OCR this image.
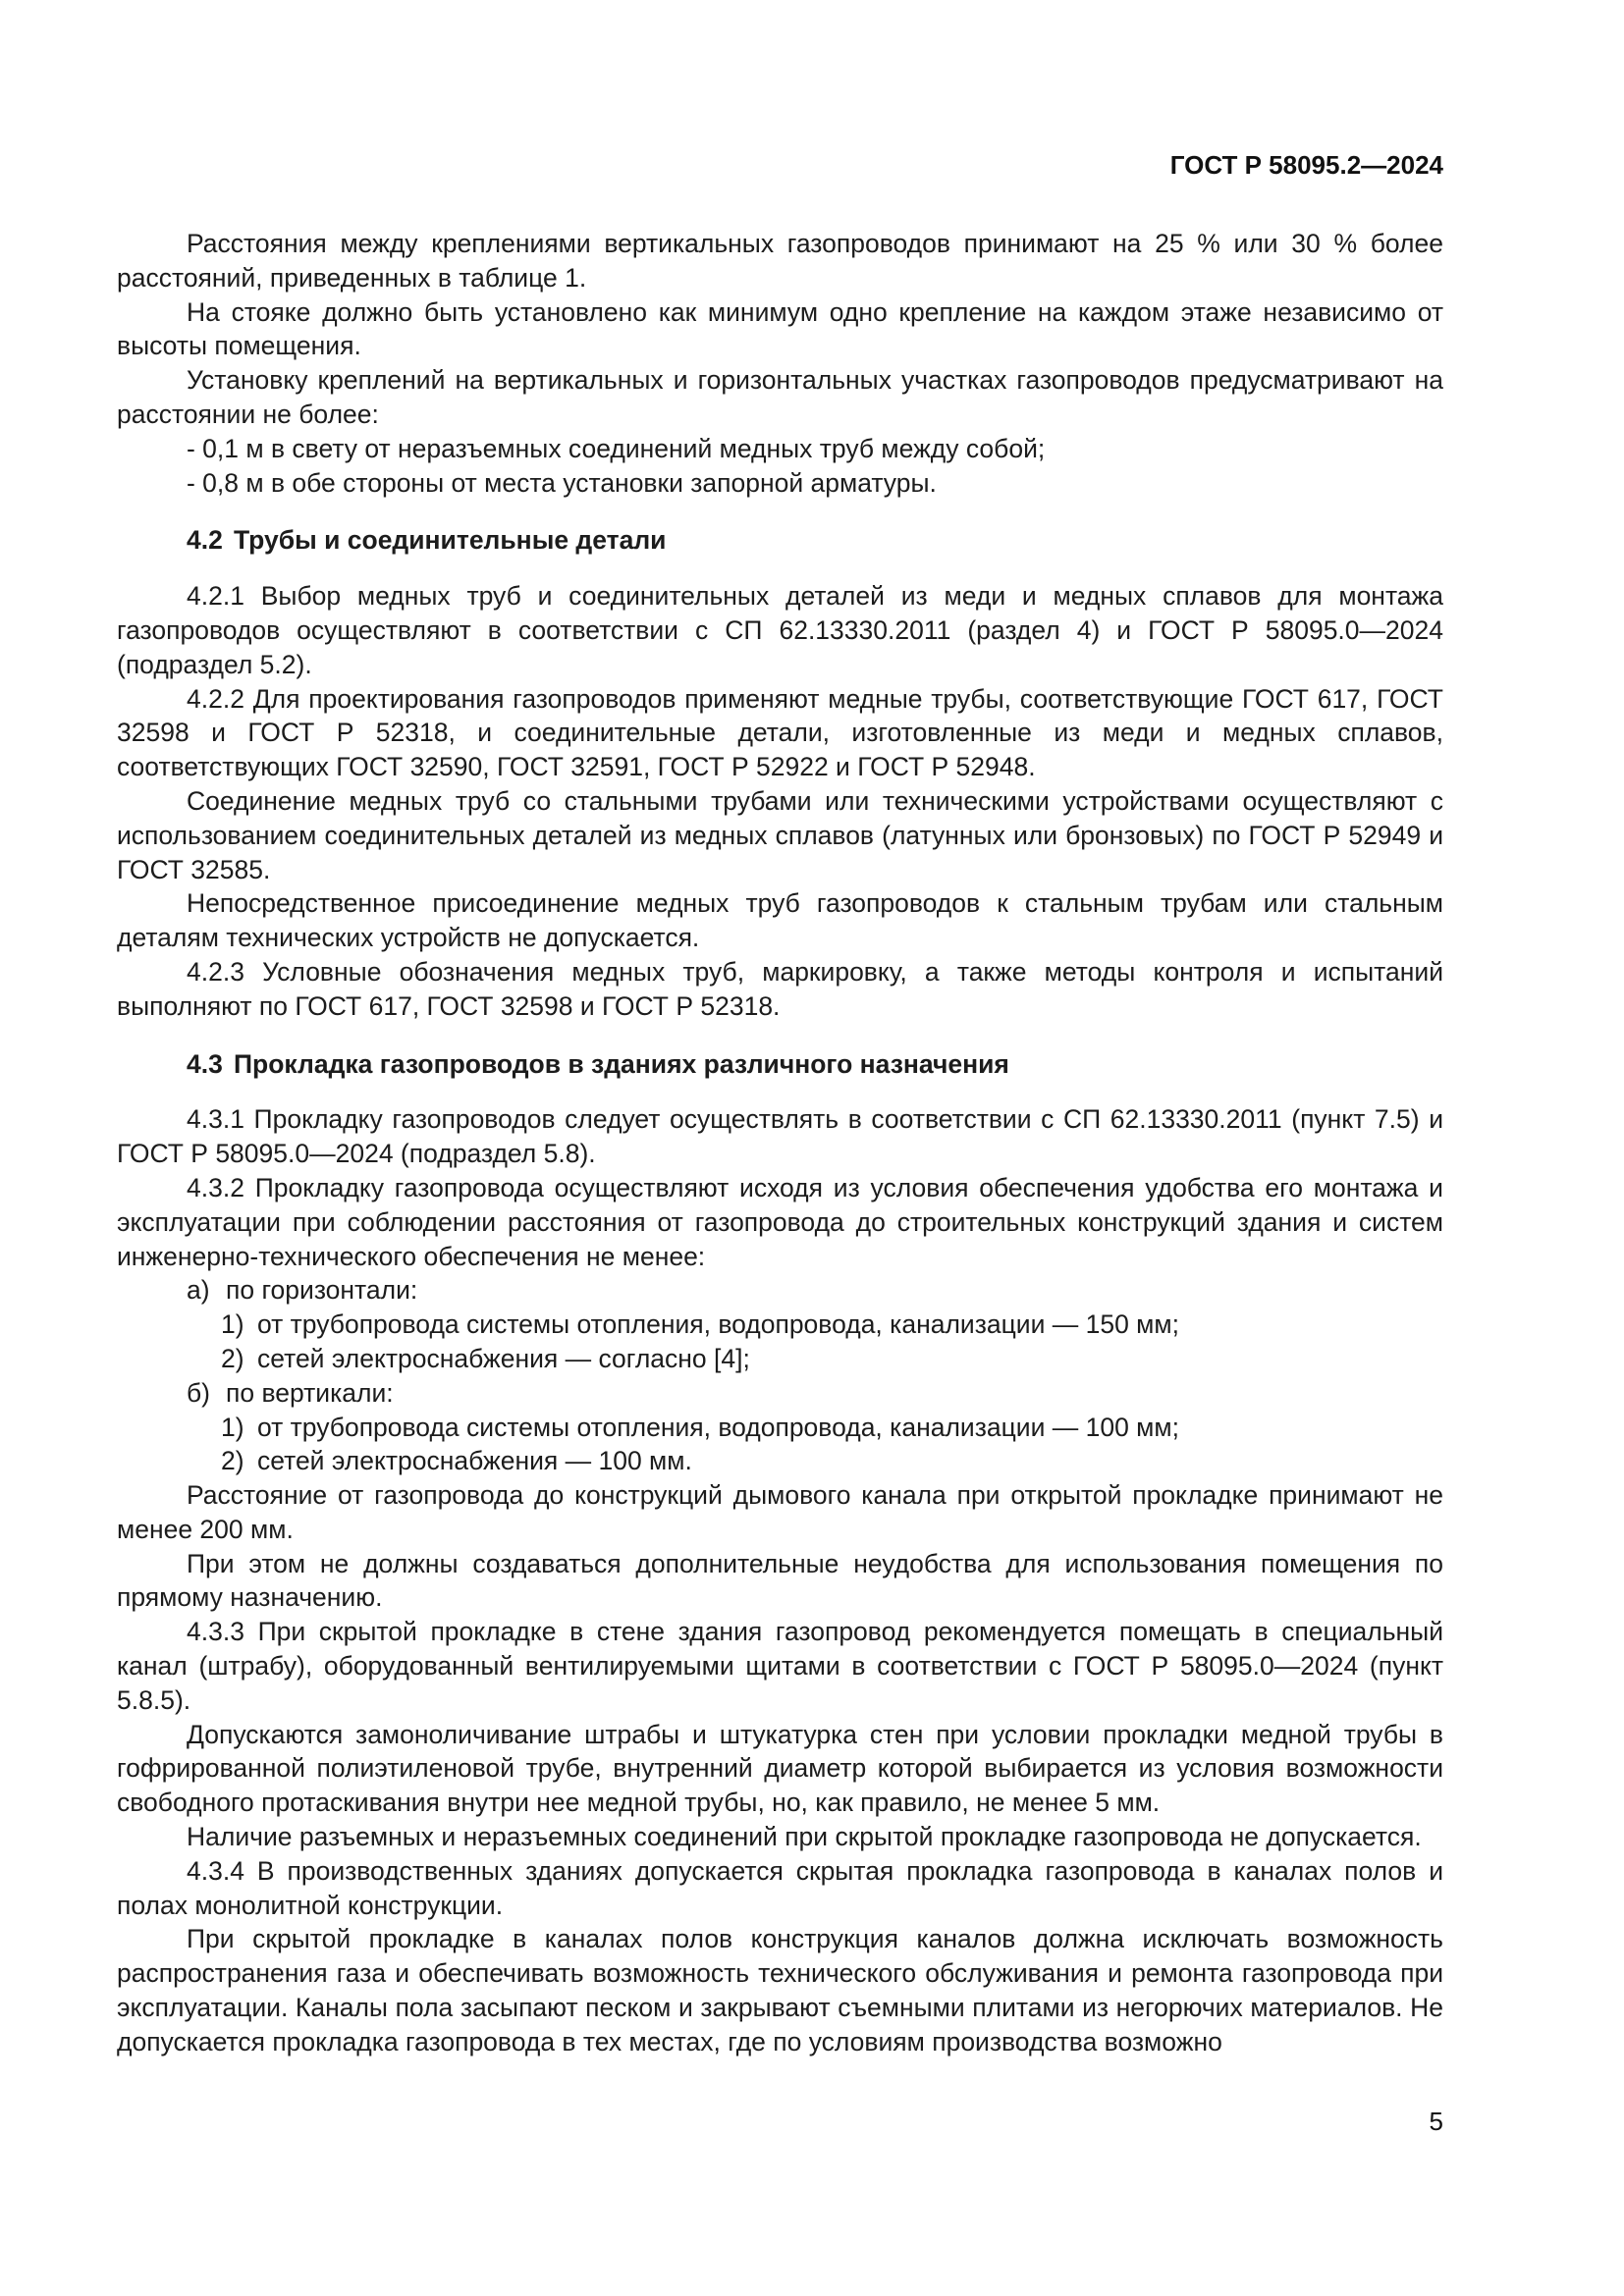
ГОСТ Р 58095.2—2024

Расстояния между креплениями вертикальных газопроводов принимают на 25 % или 30 % более расстояний, приведенных в таблице 1.

На стояке должно быть установлено как минимум одно крепление на каждом этаже независимо от высоты помещения.

Установку креплений на вертикальных и горизонтальных участках газопроводов предусматривают на расстоянии не более:

- 0,1 м в свету от неразъемных соединений медных труб между собой;

- 0,8 м в обе стороны от места установки запорной арматуры.

4.2 Трубы и соединительные детали

4.2.1 Выбор медных труб и соединительных деталей из меди и медных сплавов для монтажа газопроводов осуществляют в соответствии с СП 62.13330.2011 (раздел 4) и ГОСТ Р 58095.0—2024 (подраздел 5.2).

4.2.2 Для проектирования газопроводов применяют медные трубы, соответствующие ГОСТ 617, ГОСТ 32598 и ГОСТ Р 52318, и соединительные детали, изготовленные из меди и медных сплавов, соответствующих ГОСТ 32590, ГОСТ 32591, ГОСТ Р 52922 и ГОСТ Р 52948.

Соединение медных труб со стальными трубами или техническими устройствами осуществляют с использованием соединительных деталей из медных сплавов (латунных или бронзовых) по ГОСТ Р 52949 и ГОСТ 32585.

Непосредственное присоединение медных труб газопроводов к стальным трубам или стальным деталям технических устройств не допускается.

4.2.3 Условные обозначения медных труб, маркировку, а также методы контроля и испытаний выполняют по ГОСТ 617, ГОСТ 32598 и ГОСТ Р 52318.

4.3 Прокладка газопроводов в зданиях различного назначения

4.3.1 Прокладку газопроводов следует осуществлять в соответствии с СП 62.13330.2011 (пункт 7.5) и ГОСТ Р 58095.0—2024 (подраздел 5.8).

4.3.2 Прокладку газопровода осуществляют исходя из условия обеспечения удобства его монтажа и эксплуатации при соблюдении расстояния от газопровода до строительных конструкций здания и систем инженерно-технического обеспечения не менее:

а) по горизонтали:

1) от трубопровода системы отопления, водопровода, канализации — 150 мм;

2) сетей электроснабжения — согласно [4];

б) по вертикали:

1) от трубопровода системы отопления, водопровода, канализации — 100 мм;

2) сетей электроснабжения — 100 мм.

Расстояние от газопровода до конструкций дымового канала при открытой прокладке принимают не менее 200 мм.

При этом не должны создаваться дополнительные неудобства для использования помещения по прямому назначению.

4.3.3 При скрытой прокладке в стене здания газопровод рекомендуется помещать в специальный канал (штрабу), оборудованный вентилируемыми щитами в соответствии с ГОСТ Р 58095.0—2024 (пункт 5.8.5).

Допускаются замоноличивание штрабы и штукатурка стен при условии прокладки медной трубы в гофрированной полиэтиленовой трубе, внутренний диаметр которой выбирается из условия возможности свободного протаскивания внутри нее медной трубы, но, как правило, не менее 5 мм.

Наличие разъемных и неразъемных соединений при скрытой прокладке газопровода не допускается.

4.3.4 В производственных зданиях допускается скрытая прокладка газопровода в каналах полов и полах монолитной конструкции.

При скрытой прокладке в каналах полов конструкция каналов должна исключать возможность распространения газа и обеспечивать возможность технического обслуживания и ремонта газопровода при эксплуатации. Каналы пола засыпают песком и закрывают съемными плитами из негорючих материалов. Не допускается прокладка газопровода в тех местах, где по условиям производства возможно

5
